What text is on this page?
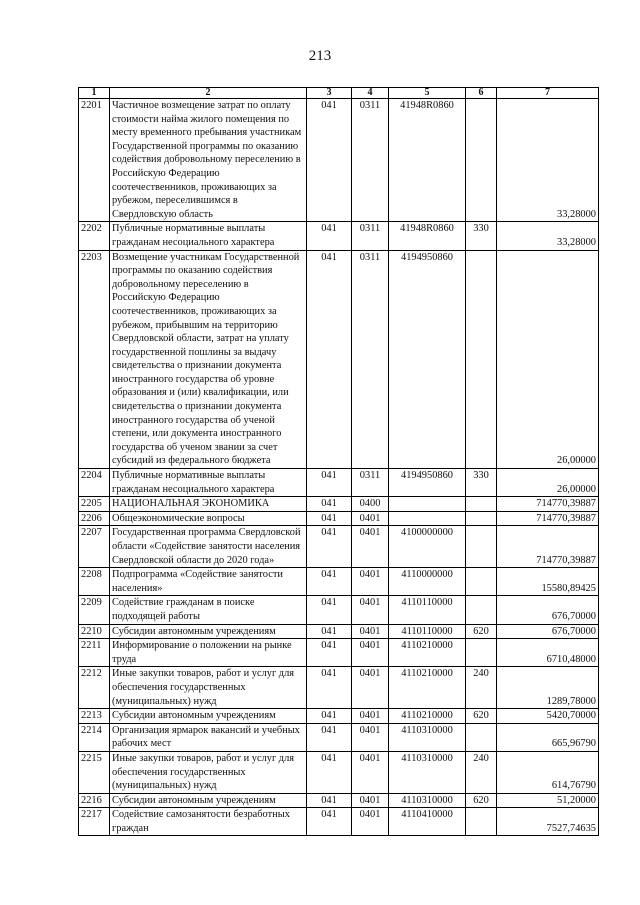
213
1	2	3	4	5	6	7
2201	Частичное возмещение затрат по оплату стоимости найма жилого помещения по месту временного пребывания участникам Государственной программы по оказанию содействия добровольному переселению в Российскую Федерацию соотечественников, проживающих за рубежом, переселившимся в Свердловскую область	041	0311	41948R0860		33,28000
2202	Публичные нормативные выплаты гражданам несоциального характера	041	0311	41948R0860	330	33,28000
2203	Возмещение участникам Государственной программы по оказанию содействия добровольному переселению в Российскую Федерацию соотечественников, проживающих за рубежом, прибывшим на территорию Свердловской области, затрат на уплату государственной пошлины за выдачу свидетельства о признании документа иностранного государства об уровне образования и (или) квалификации, или свидетельства о признании документа иностранного государства об ученой степени, или документа иностранного государства об ученом звании за счет субсидий из федерального бюджета	041	0311	4194950860		26,00000
2204	Публичные нормативные выплаты гражданам несоциального характера	041	0311	4194950860	330	26,00000
2205	НАЦИОНАЛЬНАЯ ЭКОНОМИКА	041	0400			714770,39887
2206	Общеэкономические вопросы	041	0401			714770,39887
2207	Государственная программа Свердловской области «Содействие занятости населения Свердловской области до 2020 года»	041	0401	4100000000		714770,39887
2208	Подпрограмма «Содействие занятости населения»	041	0401	4110000000		15580,89425
2209	Содействие гражданам в поиске подходящей работы	041	0401	4110110000		676,70000
2210	Субсидии автономным учреждениям	041	0401	4110110000	620	676,70000
2211	Информирование о положении на рынке труда	041	0401	4110210000		6710,48000
2212	Иные закупки товаров, работ и услуг для обеспечения государственных (муниципальных) нужд	041	0401	4110210000	240	1289,78000
2213	Субсидии автономным учреждениям	041	0401	4110210000	620	5420,70000
2214	Организация ярмарок вакансий и учебных рабочих мест	041	0401	4110310000		665,96790
2215	Иные закупки товаров, работ и услуг для обеспечения государственных (муниципальных) нужд	041	0401	4110310000	240	614,76790
2216	Субсидии автономным учреждениям	041	0401	4110310000	620	51,20000
2217	Содействие самозанятости безработных граждан	041	0401	4110410000		7527,74635
